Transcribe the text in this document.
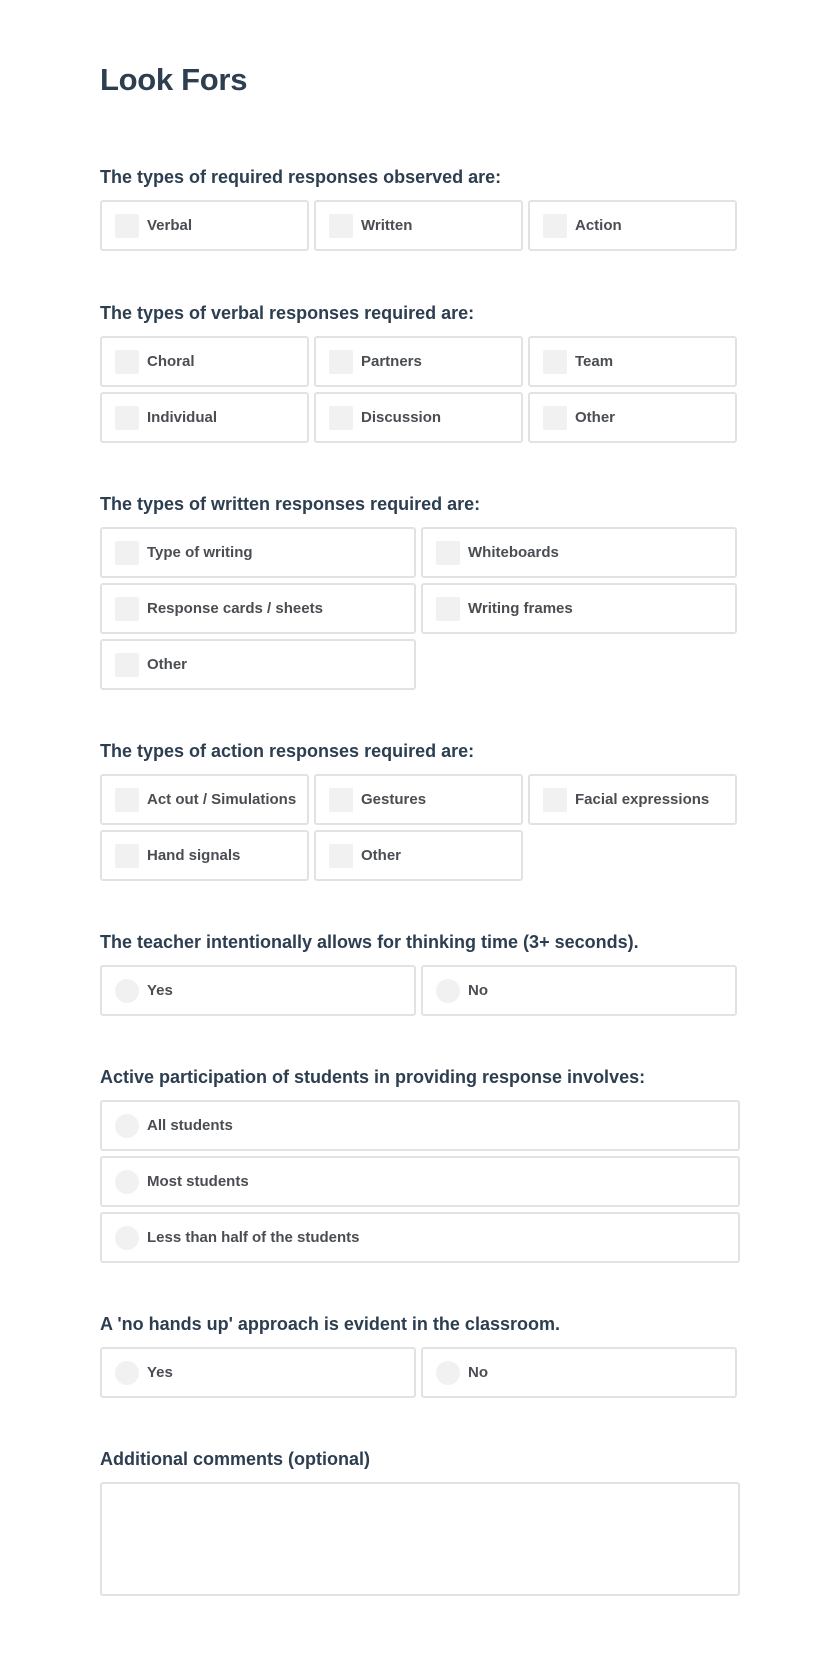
Look Fors
The types of required responses observed are:
Verbal	Written	Action
The types of verbal responses required are:
Choral	Partners	Team
Individual	Discussion	Other
The types of written responses required are:
Type of writing	Whiteboards
Response cards / sheets	Writing frames
Other
The types of action responses required are:
Act out / Simulations	Gestures	Facial expressions
Hand signals	Other
The teacher intentionally allows for thinking time (3+ seconds).
Yes	No
Active participation of students in providing response involves:
All students
Most students
Less than half of the students
A 'no hands up' approach is evident in the classroom.
Yes	No
Additional comments (optional)
